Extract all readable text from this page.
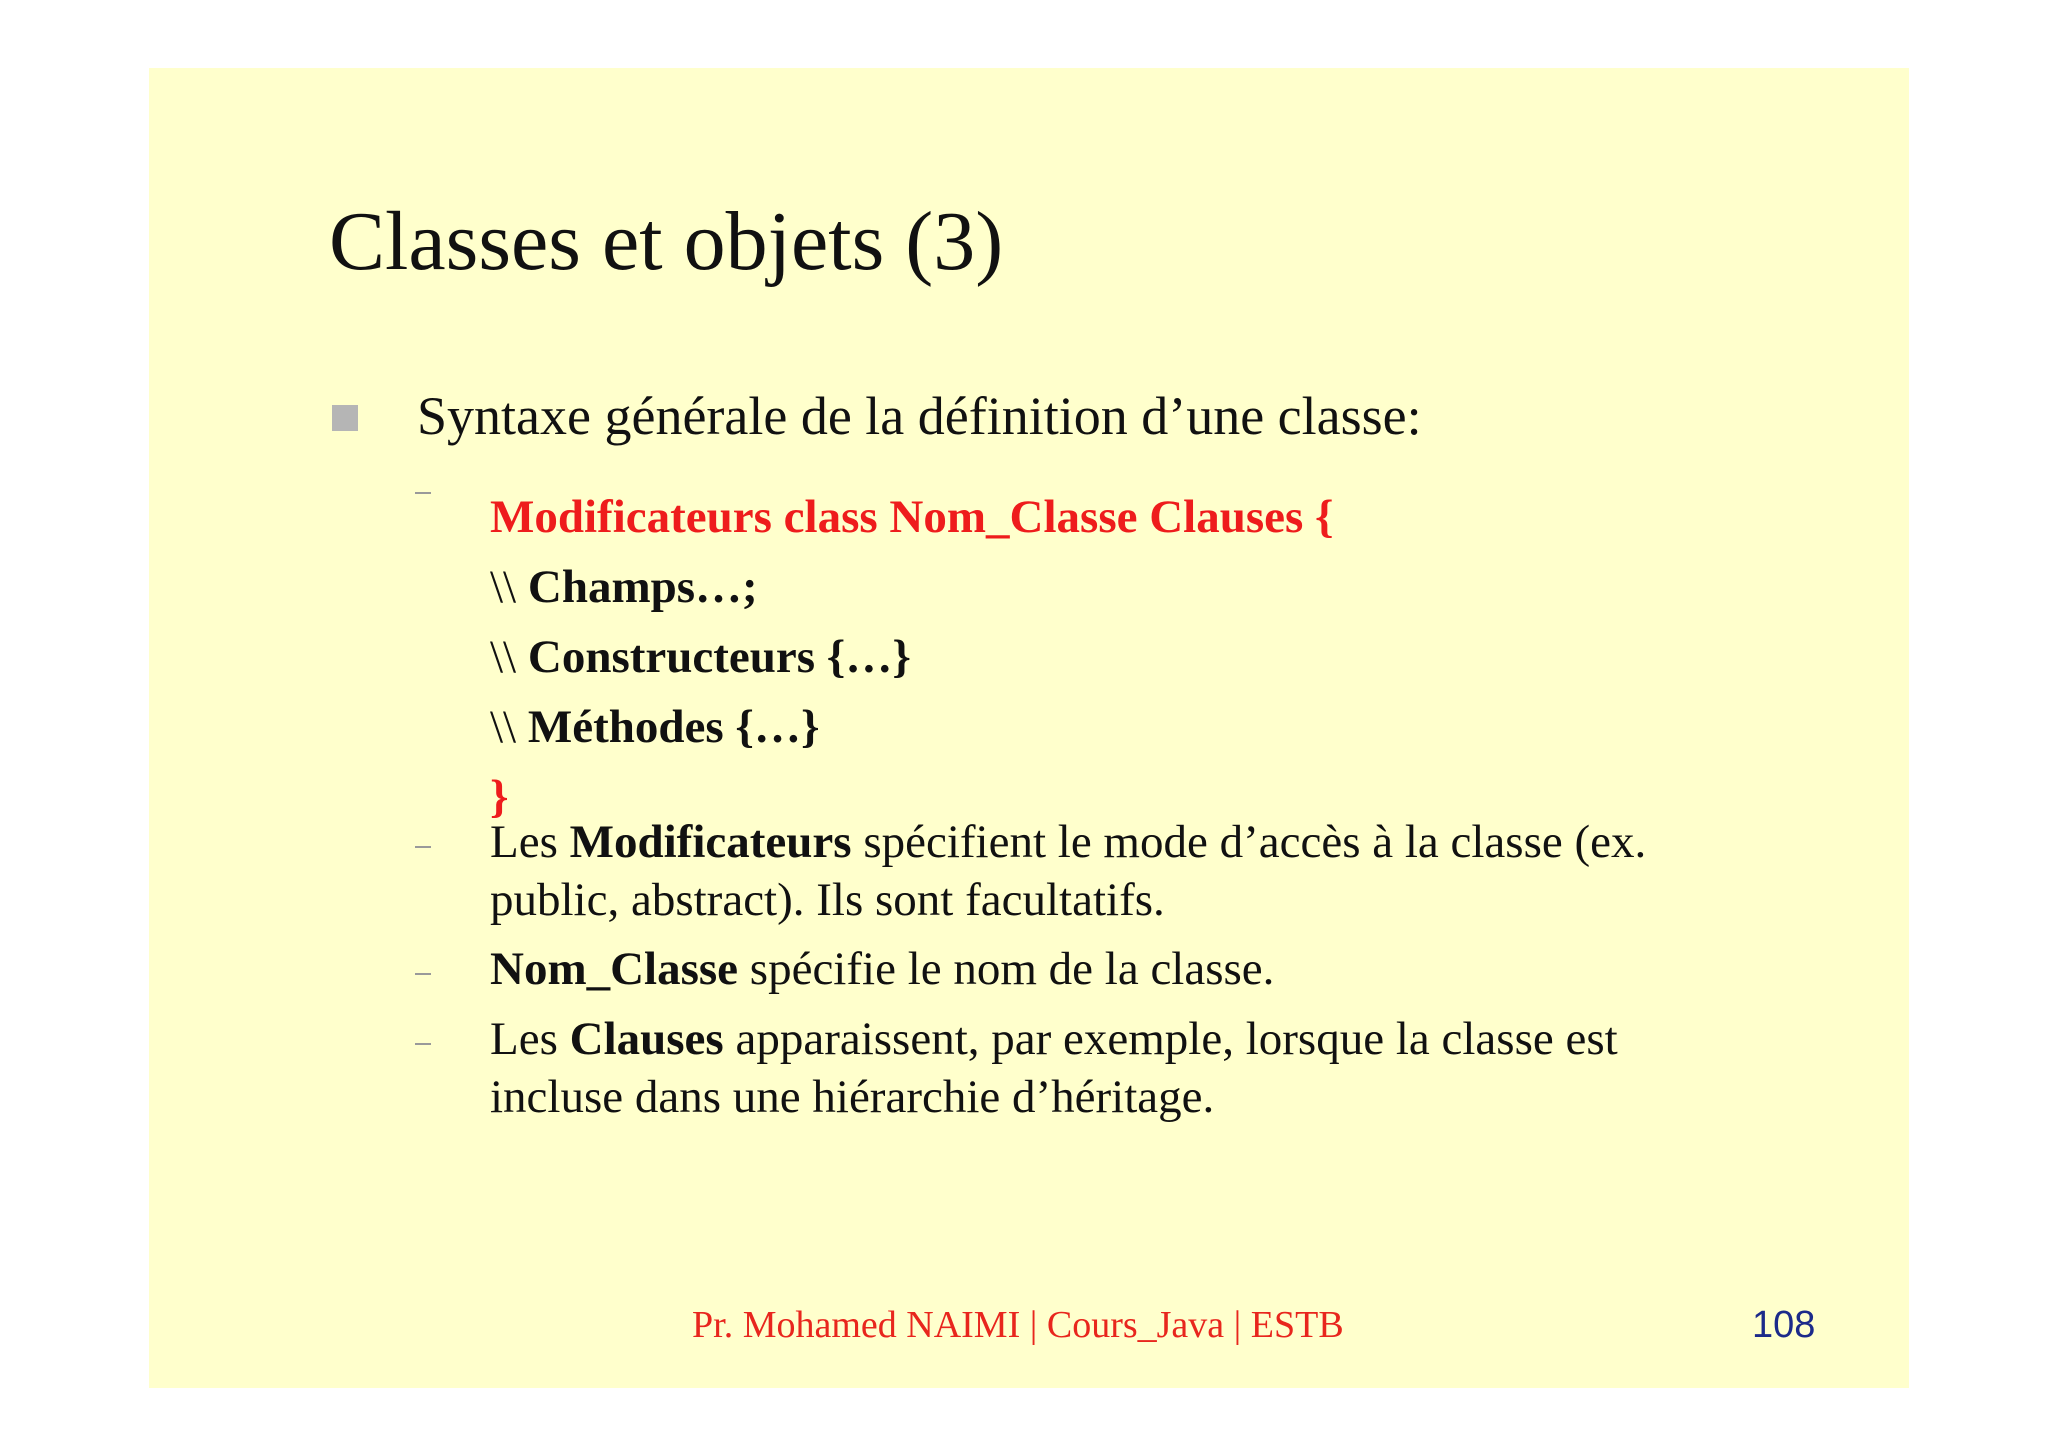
Classes et objets (3)
Syntaxe générale de la définition d’une classe:
Modificateurs class Nom_Classe Clauses {
\\ Champs…;
\\ Constructeurs {…}
\\ Méthodes {…}
}
Les Modificateurs spécifient le mode d’accès à la classe (ex.
public, abstract). Ils sont facultatifs.
Nom_Classe spécifie le nom de la classe.
Les Clauses apparaissent, par exemple, lorsque la classe est
incluse dans une hiérarchie d’héritage.
Pr. Mohamed NAIMI | Cours_Java | ESTB	108
